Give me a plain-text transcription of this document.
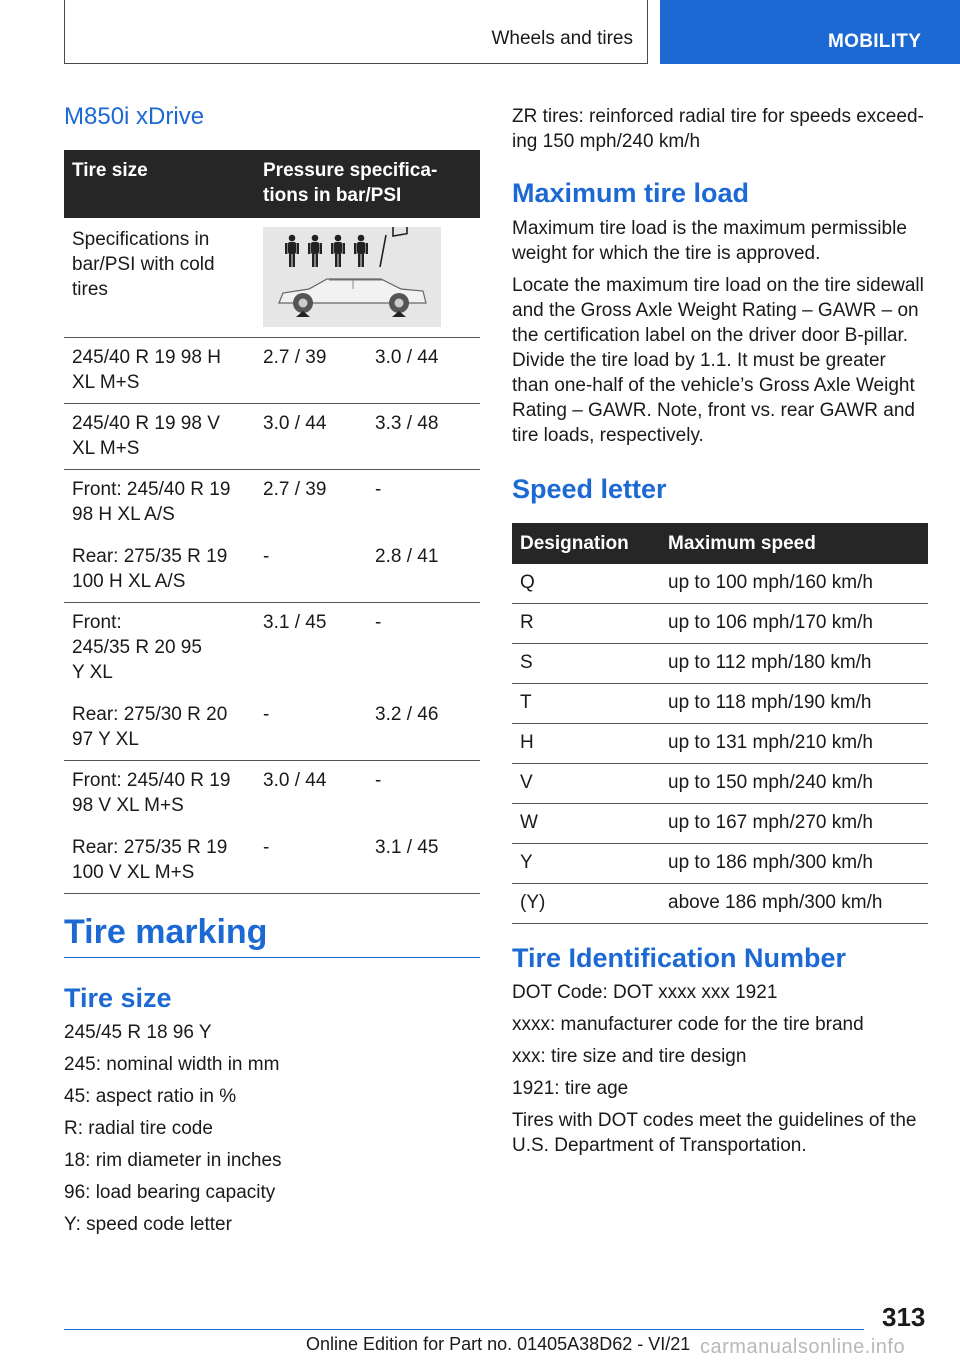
Wheels and tires	MOBILITY
M850i xDrive
Tire size	Pressure specifica-
tions in bar/PSI	
Specifications in bar/PSI with cold tires	

245/40 R 19 98 H XL M+S	2.7 / 39	3.0 / 44
245/40 R 19 98 V XL M+S	3.0 / 44	3.3 / 48
Front: 245/40 R 19 98 H XL A/S	2.7 / 39	-
Rear: 275/35 R 19 100 H XL A/S	-	2.8 / 41
Front:
245/35 R 20 95
Y XL	3.1 / 45	-
Rear: 275/30 R 20 97 Y XL	-	3.2 / 46
Front: 245/40 R 19 98 V XL M+S	3.0 / 44	-
Rear: 275/35 R 19 100 V XL M+S	-	3.1 / 45
Tire marking
Tire size
245/45 R 18 96 Y
245: nominal width in mm
45: aspect ratio in %
R: radial tire code
18: rim diameter in inches
96: load bearing capacity
Y: speed code letter

ZR tires: reinforced radial tire for speeds exceed-ing 150 mph/240 km/h

Maximum tire load

Maximum tire load is the maximum permissible weight for which the tire is approved.

Locate the maximum tire load on the tire sidewall and the Gross Axle Weight Rating – GAWR – on the certification label on the driver door B-pillar. Divide the tire load by 1.1. It must be greater than one-half of the vehicle’s Gross Axle Weight Rating – GAWR. Note, front vs. rear GAWR and tire loads, respectively.

Speed letter
Designation	Maximum speed
Q	up to 100 mph/160 km/h
R	up to 106 mph/170 km/h
S	up to 112 mph/180 km/h
T	up to 118 mph/190 km/h
H	up to 131 mph/210 km/h
V	up to 150 mph/240 km/h
W	up to 167 mph/270 km/h
Y	up to 186 mph/300 km/h
(Y)	above 186 mph/300 km/h
Tire Identification Number
DOT Code: DOT xxxx xxx 1921
xxxx: manufacturer code for the tire brand
xxx: tire size and tire design
1921: tire age

Tires with DOT codes meet the guidelines of the U.S. Department of Transportation.

313
Online Edition for Part no. 01405A38D62 - VI/21 carmanualsonline.info
